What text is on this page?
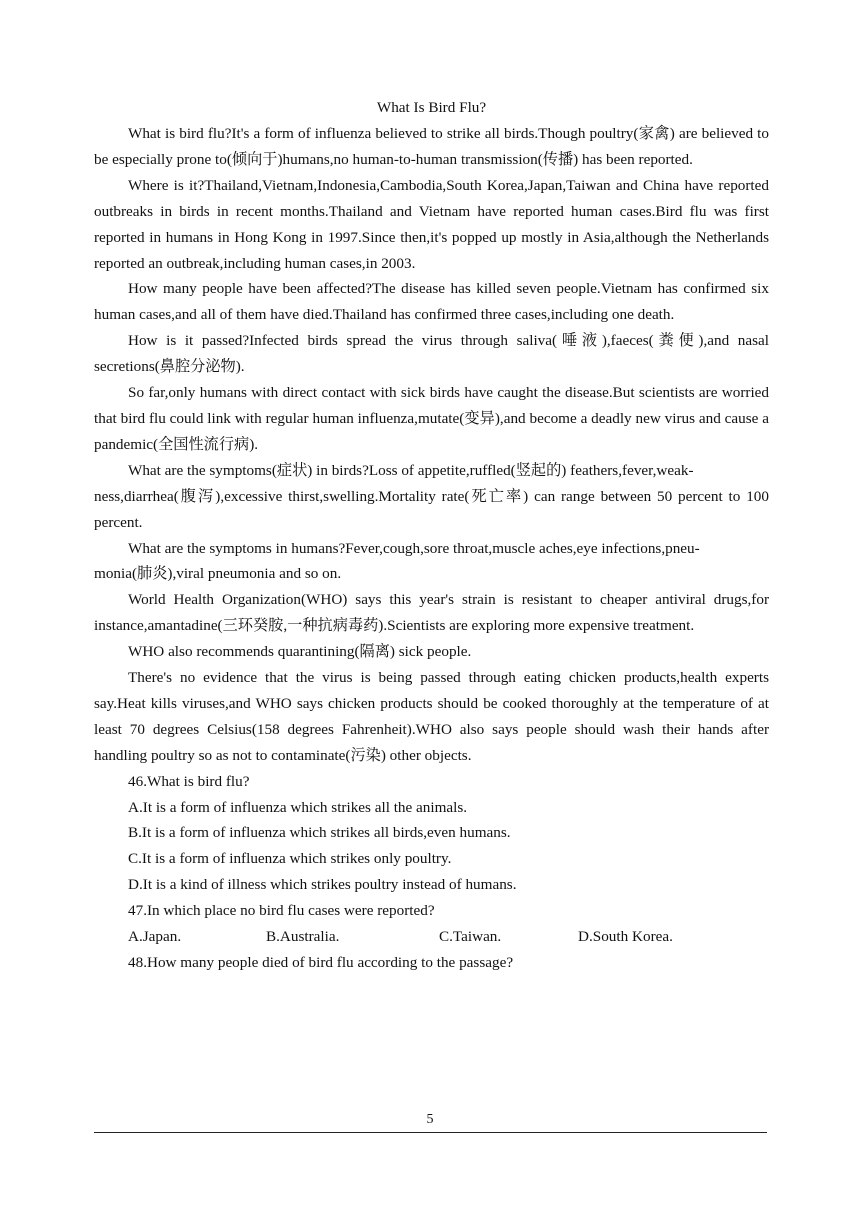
What Is Bird Flu?

What is bird flu?It's a form of influenza believed to strike all birds.Though poultry(家禽) are believed to be especially prone to(倾向于)humans,no human-to-human transmission(传播) has been reported.

Where is it?Thailand,Vietnam,Indonesia,Cambodia,South Korea,Japan,Taiwan and China have reported outbreaks in birds in recent months.Thailand and Vietnam have reported human cases.Bird flu was first reported in humans in Hong Kong in 1997.Since then,it's popped up mostly in Asia,although the Netherlands reported an outbreak,including human cases,in 2003.

How many people have been affected?The disease has killed seven people.Vietnam has confirmed six human cases,and all of them have died.Thailand has confirmed three cases,including one death.

How is it passed?Infected birds spread the virus through saliva(唾液),faeces(粪便),and nasal secretions(鼻腔分泌物).

So far,only humans with direct contact with sick birds have caught the disease.But scientists are worried that bird flu could link with regular human influenza,mutate(变异),and become a deadly new virus and cause a pandemic(全国性流行病).

What are the symptoms(症状) in birds?Loss of appetite,ruffled(竖起的) feathers,fever,weak-

ness,diarrhea(腹泻),excessive thirst,swelling.Mortality rate(死亡率) can range between 50 percent to 100 percent.

What are the symptoms in humans?Fever,cough,sore throat,muscle aches,eye infections,pneu-

monia(肺炎),viral pneumonia and so on.

World Health Organization(WHO) says this year's strain is resistant to cheaper antiviral drugs,for instance,amantadine(三环癸胺,一种抗病毒药).Scientists are exploring more expensive treatment.

WHO also recommends quarantining(隔离) sick people.

There's no evidence that the virus is being passed through eating chicken products,health experts say.Heat kills viruses,and WHO says chicken products should be cooked thoroughly at the temperature of at least 70 degrees Celsius(158 degrees Fahrenheit).WHO also says people should wash their hands after handling poultry so as not to contaminate(污染) other objects.

46.What is bird flu?

A.It is a form of influenza which strikes all the animals.

B.It is a form of influenza which strikes all birds,even humans.

C.It is a form of influenza which strikes only poultry.

D.It is a kind of illness which strikes poultry instead of humans.

47.In which place no bird flu cases were reported?

A.Japan.	B.Australia.	C.Taiwan.	D.South Korea.

48.How many people died of bird flu according to the passage?

5
